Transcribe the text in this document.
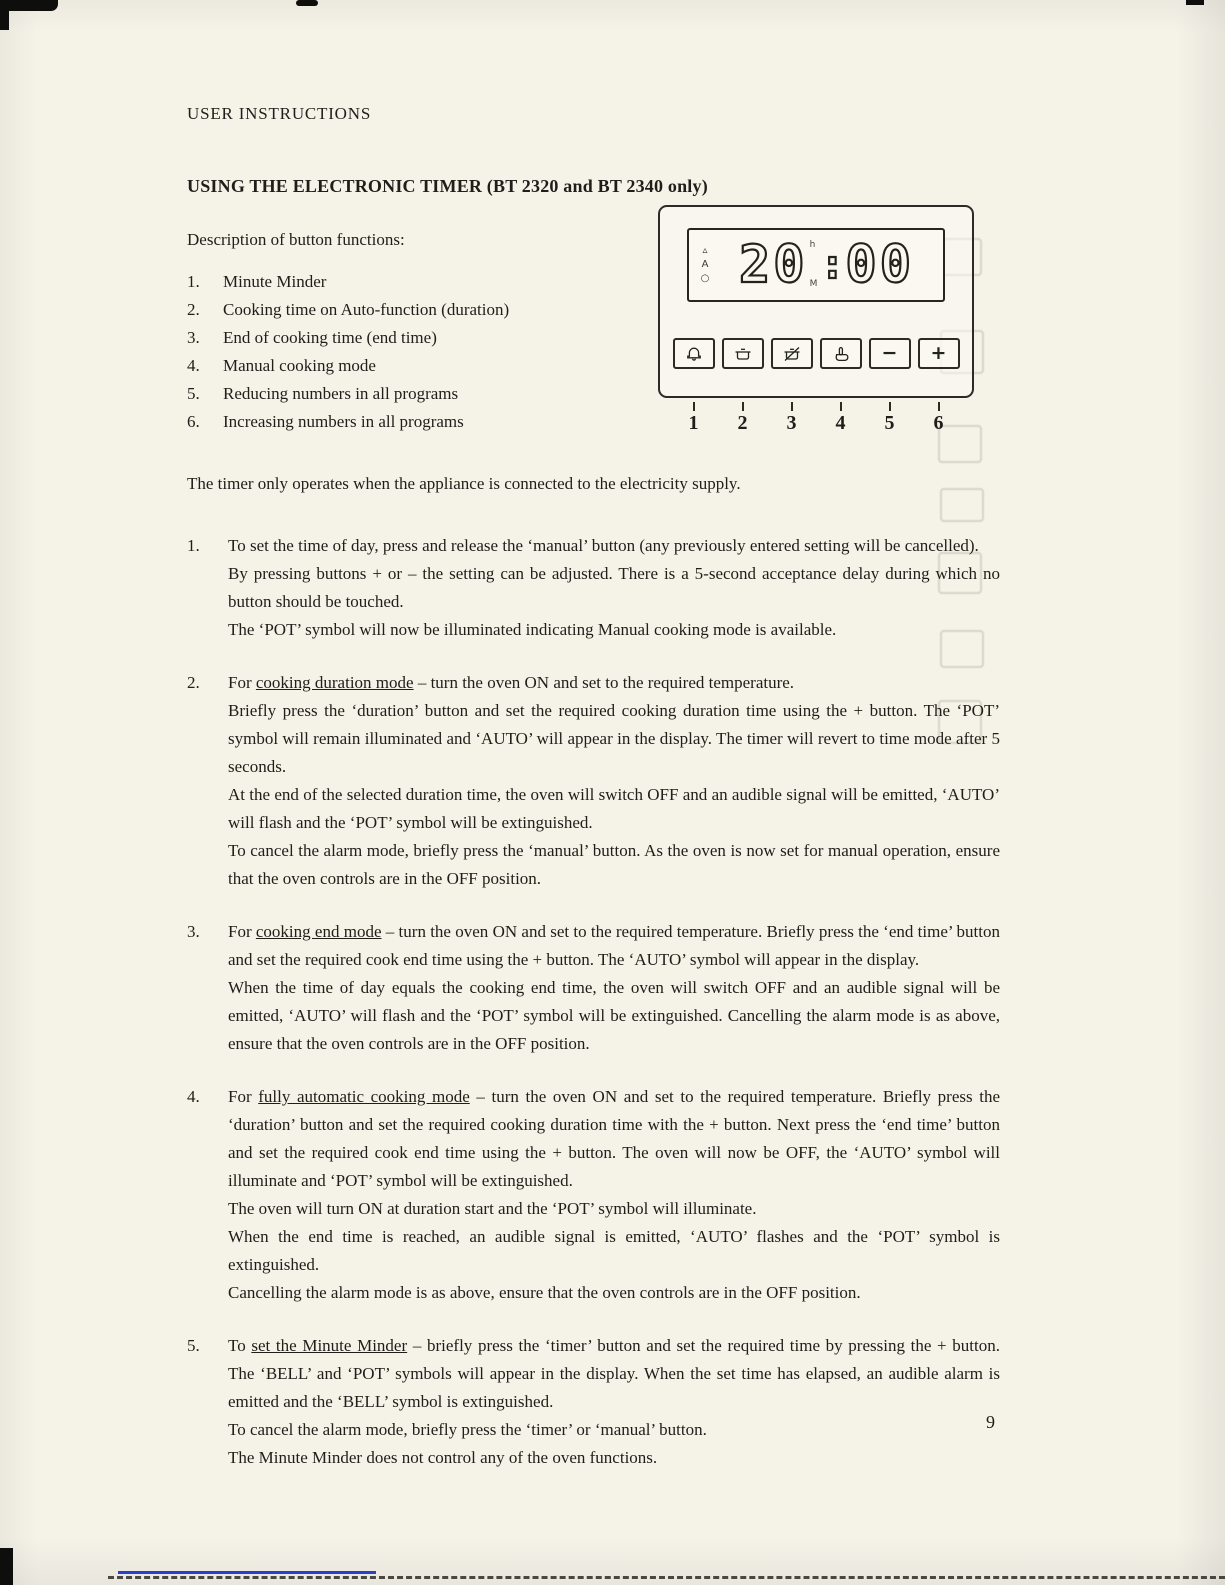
▵
A
○ 20 h
M : 00
− +
1 2 3 4 5 6
USER INSTRUCTIONS
USING THE ELECTRONIC TIMER (BT 2320 and BT 2340 only)
Description of button functions:
1.	Minute Minder
2.	Cooking time on Auto-function (duration)
3.	End of cooking time (end time)
4.	Manual cooking mode
5.	Reducing numbers in all programs
6.	Increasing numbers in all programs
The timer only operates when the appliance is connected to the electricity supply.
1.	To set the time of day, press and release the ‘manual’ button (any previously entered setting will be cancelled).

By pressing buttons + or – the setting can be adjusted. There is a 5-second acceptance delay during which no button should be touched.

The ‘POT’ symbol will now be illuminated indicating Manual cooking mode is available.

2.	For cooking duration mode – turn the oven ON and set to the required temperature.

Briefly press the ‘duration’ button and set the required cooking duration time using the + button. The ‘POT’ symbol will remain illuminated and ‘AUTO’ will appear in the display. The timer will revert to time mode after 5 seconds.

At the end of the selected duration time, the oven will switch OFF and an audible signal will be emitted, ‘AUTO’ will flash and the ‘POT’ symbol will be extinguished.

To cancel the alarm mode, briefly press the ‘manual’ button. As the oven is now set for manual operation, ensure that the oven controls are in the OFF position.

3.	For cooking end mode – turn the oven ON and set to the required temperature. Briefly press the ‘end time’ button and set the required cook end time using the + button. The ‘AUTO’ symbol will appear in the display.

When the time of day equals the cooking end time, the oven will switch OFF and an audible signal will be emitted, ‘AUTO’ will flash and the ‘POT’ symbol will be extinguished. Cancelling the alarm mode is as above, ensure that the oven controls are in the OFF position.

4.	For fully automatic cooking mode – turn the oven ON and set to the required temperature. Briefly press the ‘duration’ button and set the required cooking duration time with the + button. Next press the ‘end time’ button and set the required cook end time using the + button. The oven will now be OFF, the ‘AUTO’ symbol will illuminate and ‘POT’ symbol will be extinguished.

The oven will turn ON at duration start and the ‘POT’ symbol will illuminate.

When the end time is reached, an audible signal is emitted, ‘AUTO’ flashes and the ‘POT’ symbol is extinguished.

Cancelling the alarm mode is as above, ensure that the oven controls are in the OFF position.

5.	To set the Minute Minder – briefly press the ‘timer’ button and set the required time by pressing the + button. The ‘BELL’ and ‘POT’ symbols will appear in the display. When the set time has elapsed, an audible alarm is emitted and the ‘BELL’ symbol is extinguished.

To cancel the alarm mode, briefly press the ‘timer’ or ‘manual’ button.

The Minute Minder does not control any of the oven functions.

9
